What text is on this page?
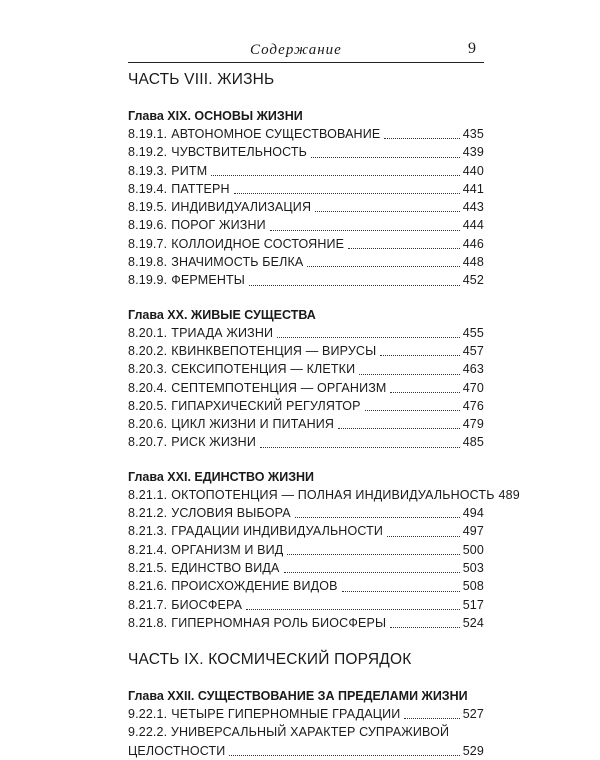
Содержание	9
ЧАСТЬ VIII. ЖИЗНЬ
Глава XIX. ОСНОВЫ ЖИЗНИ
8.19.1. АВТОНОМНОЕ СУЩЕСТВОВАНИЕ	435
8.19.2. ЧУВСТВИТЕЛЬНОСТЬ	439
8.19.3. РИТМ	440
8.19.4. ПАТТЕРН	441
8.19.5. ИНДИВИДУАЛИЗАЦИЯ	443
8.19.6. ПОРОГ ЖИЗНИ	444
8.19.7. КОЛЛОИДНОЕ СОСТОЯНИЕ	446
8.19.8. ЗНАЧИМОСТЬ БЕЛКА	448
8.19.9. ФЕРМЕНТЫ	452
Глава XX. ЖИВЫЕ СУЩЕСТВА
8.20.1. ТРИАДА ЖИЗНИ	455
8.20.2. КВИНКВЕПОТЕНЦИЯ — ВИРУСЫ	457
8.20.3. СЕКСИПОТЕНЦИЯ — КЛЕТКИ	463
8.20.4. СЕПТЕМПОТЕНЦИЯ — ОРГАНИЗМ	470
8.20.5. ГИПАРХИЧЕСКИЙ РЕГУЛЯТОР	476
8.20.6. ЦИКЛ ЖИЗНИ И ПИТАНИЯ	479
8.20.7. РИСК ЖИЗНИ	485
Глава XXI. ЕДИНСТВО ЖИЗНИ
8.21.1. ОКТОПОТЕНЦИЯ — ПОЛНАЯ ИНДИВИДУАЛЬНОСТЬ 489
8.21.2. УСЛОВИЯ ВЫБОРА	494
8.21.3. ГРАДАЦИИ ИНДИВИДУАЛЬНОСТИ	497
8.21.4. ОРГАНИЗМ И ВИД	500
8.21.5. ЕДИНСТВО ВИДА	503
8.21.6. ПРОИСХОЖДЕНИЕ ВИДОВ	508
8.21.7. БИОСФЕРА	517
8.21.8. ГИПЕРНОМНАЯ РОЛЬ БИОСФЕРЫ	524
ЧАСТЬ IX. КОСМИЧЕСКИЙ ПОРЯДОК
Глава XXII. СУЩЕСТВОВАНИЕ ЗА ПРЕДЕЛАМИ ЖИЗНИ
9.22.1. ЧЕТЫРЕ ГИПЕРНОМНЫЕ ГРАДАЦИИ	527
9.22.2. УНИВЕРСАЛЬНЫЙ ХАРАКТЕР СУПРАЖИВОЙ
ЦЕЛОСТНОСТИ	529
